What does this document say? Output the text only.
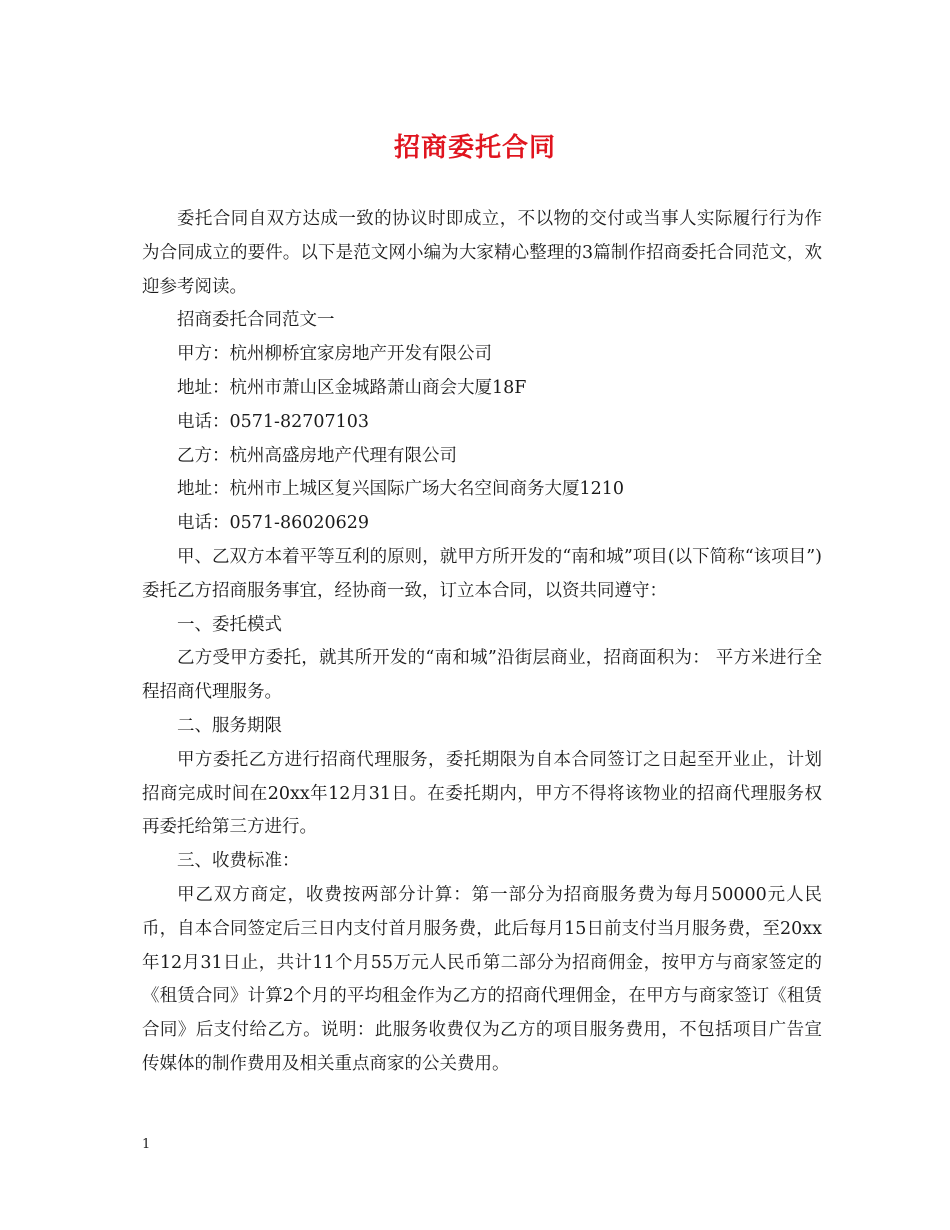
招商委托合同

委托合同自双方达成一致的协议时即成立，不以物的交付或当事人实际履行行为作为合同成立的要件。以下是范文网小编为大家精心整理的3篇制作招商委托合同范文，欢迎参考阅读。

招商委托合同范文一

甲方：杭州柳桥宜家房地产开发有限公司

地址：杭州市萧山区金城路萧山商会大厦18F

电话：0571-82707103

乙方：杭州高盛房地产代理有限公司

地址：杭州市上城区复兴国际广场大名空间商务大厦1210

电话：0571-86020629

甲、乙双方本着平等互利的原则，就甲方所开发的“南和城”项目(以下简称“该项目”)委托乙方招商服务事宜，经协商一致，订立本合同，以资共同遵守：

一、委托模式

乙方受甲方委托，就其所开发的“南和城”沿街层商业，招商面积为： 平方米进行全程招商代理服务。

二、服务期限

甲方委托乙方进行招商代理服务，委托期限为自本合同签订之日起至开业止，计划招商完成时间在20xx年12月31日。在委托期内，甲方不得将该物业的招商代理服务权再委托给第三方进行。

三、收费标准：

甲乙双方商定，收费按两部分计算：第一部分为招商服务费为每月50000元人民币，自本合同签定后三日内支付首月服务费，此后每月15日前支付当月服务费，至20xx年12月31日止，共计11个月55万元人民币第二部分为招商佣金，按甲方与商家签定的《租赁合同》计算2个月的平均租金作为乙方的招商代理佣金，在甲方与商家签订《租赁合同》后支付给乙方。说明：此服务收费仅为乙方的项目服务费用，不包括项目广告宣传媒体的制作费用及相关重点商家的公关费用。

1
